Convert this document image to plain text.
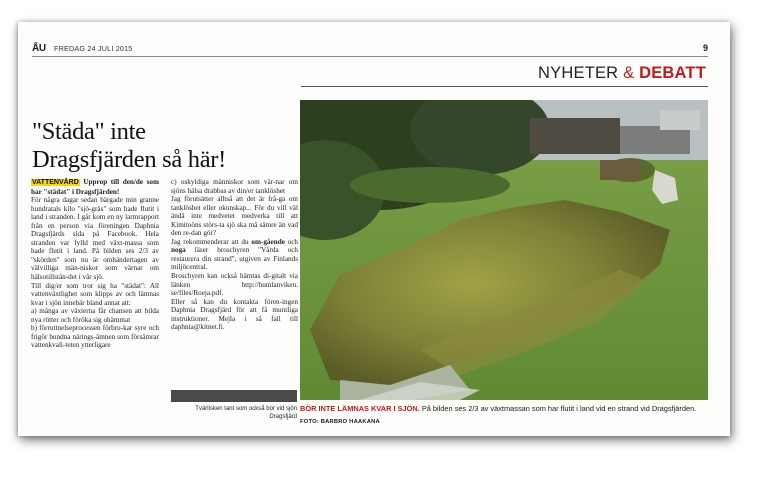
ÅU FREDAG 24 JULI 2015	9
NYHETER & DEBATT
"Städa" inte
Dragsfjärden så här!

VATTENVÅRD Upprop till den/de som har "städat" i Dragsfjärden!

För några dagar sedan bärgade min granne hundratals kilo "sjö-gräs" som hade flutit i land i stranden. I går kom en ny larmrapport från en person via föreningen Daphnia Dragsfjärds sida på Facebook. Hela stranden var fylld med växt-massa som hade flutit i land. På bilden ses 2/3 av "skörden" som nu är omhändertagen av välvilliga män-niskor som värnar om hälsotillstån-det i vår sjö.

Till dig/er som tror sig ha "städat": All vattenväxtlighet som klipps av och lämnas kvar i sjön innebär bland annat att:

a) många av växterna får chansen att bilda nya rötter och föröka sig ohämmat

b) förruttnelseprocessen förbru-kar syre och frigör bundna närings-ämnen som försämrar vattenkvali-teten ytterligare

c) oskyldiga människor som vär-nar om sjöns hälsa drabbas av din/er tanklöshet

Jag förutsätter alltså att det är frå-ga om tanklöshet eller okunskap... För du vill väl ändå inte medvetet medverka till att Kimitoöns störs-ta sjö ska må sämre än vad den re-dan gör?

Jag rekommenderar att du om-gående och noga läser broschyren "Vårda och restaurera din strand", utgiven av Finlands miljöcentral.

Broschyren kan också hämtas di-gitalt via länken http://humlanviken. se/files/Roeja.pdf.

Eller så kan du kontakta fören-ingen Daphnia Dragsfjärd för att få muntliga instruktioner. Mejla i så fall till daphnia@kitnet.fi.

Tvärlisken tant som också bor vid sjön Dragsfjärd
BÖR INTE LÄMNAS KVAR I SJÖN. På bilden ses 2/3 av växtmassan som har flutit i land vid en strand vid Dragsfjärden. FOTO: BARBRO HAAKANA
